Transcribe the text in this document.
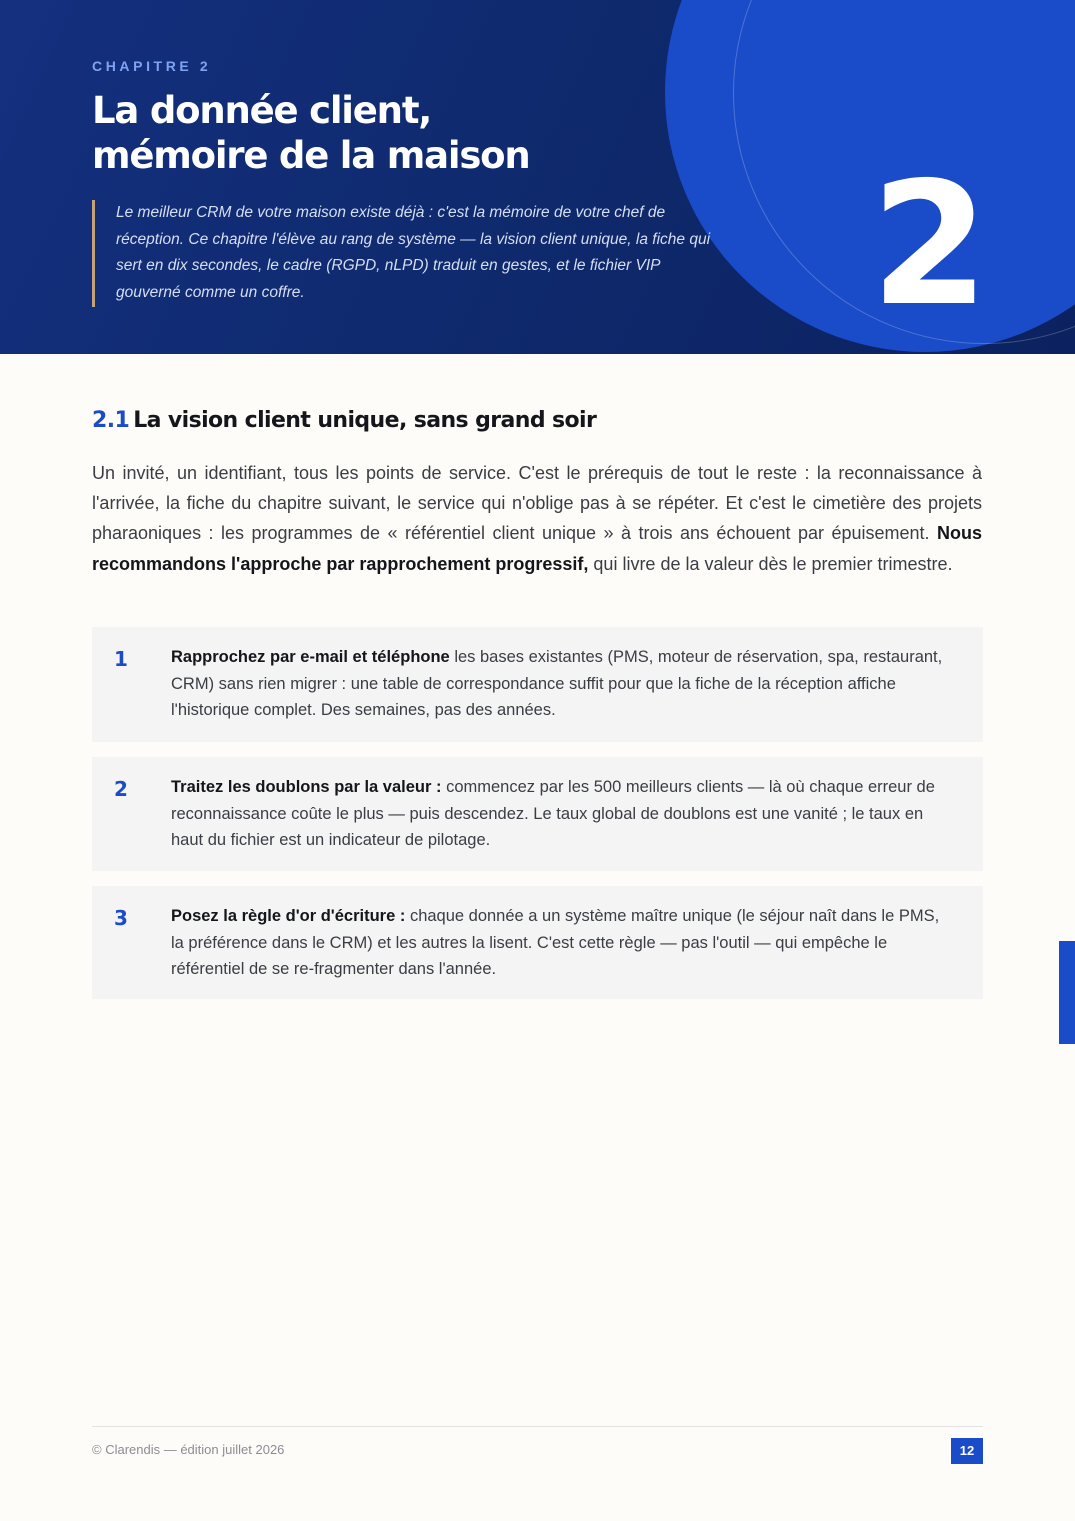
2
CHAPITRE 2
La donnée client,
mémoire de la maison
Le meilleur CRM de votre maison existe déjà : c'est la mémoire de votre chef de réception. Ce chapitre l'élève au rang de système — la vision client unique, la fiche qui sert en dix secondes, le cadre (RGPD, nLPD) traduit en gestes, et le fichier VIP gouverné comme un coffre.
2.1 La vision client unique, sans grand soir

Un invité, un identifiant, tous les points de service. C'est le prérequis de tout le reste : la reconnaissance à l'arrivée, la fiche du chapitre suivant, le service qui n'oblige pas à se répéter. Et c'est le cimetière des projets pharaoniques : les programmes de « référentiel client unique » à trois ans échouent par épuisement. Nous recommandons l'approche par rapprochement progressif, qui livre de la valeur dès le premier trimestre.

1	Rapprochez par e-mail et téléphone les bases existantes (PMS, moteur de réservation, spa, restaurant, CRM) sans rien migrer : une table de correspondance suffit pour que la fiche de la réception affiche l'historique complet. Des semaines, pas des années.
2	Traitez les doublons par la valeur : commencez par les 500 meilleurs clients — là où chaque erreur de reconnaissance coûte le plus — puis descendez. Le taux global de doublons est une vanité ; le taux en haut du fichier est un indicateur de pilotage.
3	Posez la règle d'or d'écriture : chaque donnée a un système maître unique (le séjour naît dans le PMS, la préférence dans le CRM) et les autres la lisent. C'est cette règle — pas l'outil — qui empêche le référentiel de se re-fragmenter dans l'année.
© Clarendis — édition juillet 2026	12
